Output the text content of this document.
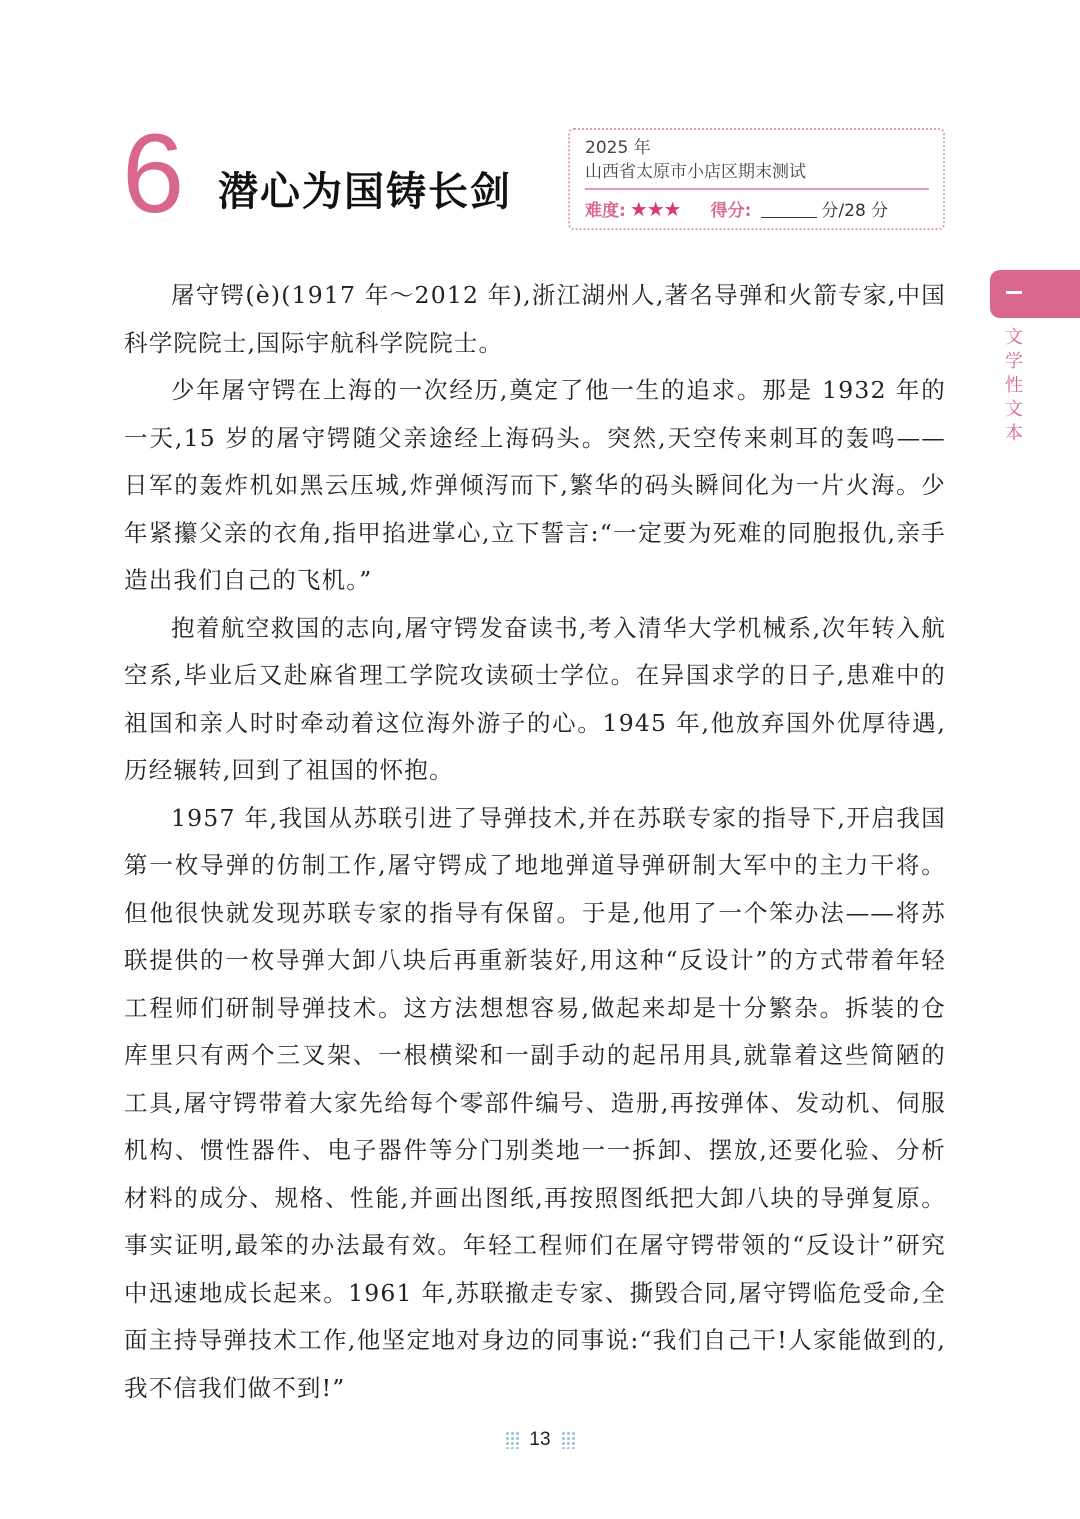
6 潜心为国铸长剑
2025 年
山西省太原市小店区期末测试
难度: ★★★ 得分:	分/28 分
文学性文本

屠守锷(è)(1917 年～2012 年),浙江湖州人,著名导弹和火箭专家,中国科学院院士,国际宇航科学院院士。

少年屠守锷在上海的一次经历,奠定了他一生的追求。那是 1932 年的一天,15 岁的屠守锷随父亲途经上海码头。突然,天空传来刺耳的轰鸣——日军的轰炸机如黑云压城,炸弹倾泻而下,繁华的码头瞬间化为一片火海。少年紧攥父亲的衣角,指甲掐进掌心,立下誓言:“一定要为死难的同胞报仇,亲手造出我们自己的飞机。”

抱着航空救国的志向,屠守锷发奋读书,考入清华大学机械系,次年转入航空系,毕业后又赴麻省理工学院攻读硕士学位。在异国求学的日子,患难中的祖国和亲人时时牵动着这位海外游子的心。1945 年,他放弃国外优厚待遇,历经辗转,回到了祖国的怀抱。

1957 年,我国从苏联引进了导弹技术,并在苏联专家的指导下,开启我国第一枚导弹的仿制工作,屠守锷成了地地弹道导弹研制大军中的主力干将。但他很快就发现苏联专家的指导有保留。于是,他用了一个笨办法——将苏联提供的一枚导弹大卸八块后再重新装好,用这种“反设计”的方式带着年轻工程师们研制导弹技术。这方法想想容易,做起来却是十分繁杂。拆装的仓库里只有两个三叉架、一根横梁和一副手动的起吊用具,就靠着这些简陋的工具,屠守锷带着大家先给每个零部件编号、造册,再按弹体、发动机、伺服机构、惯性器件、电子器件等分门别类地一一拆卸、摆放,还要化验、分析材料的成分、规格、性能,并画出图纸,再按照图纸把大卸八块的导弹复原。事实证明,最笨的办法最有效。年轻工程师们在屠守锷带领的“反设计”研究中迅速地成长起来。1961 年,苏联撤走专家、撕毁合同,屠守锷临危受命,全面主持导弹技术工作,他坚定地对身边的同事说:“我们自己干!人家能做到的,我不信我们做不到!”

13
